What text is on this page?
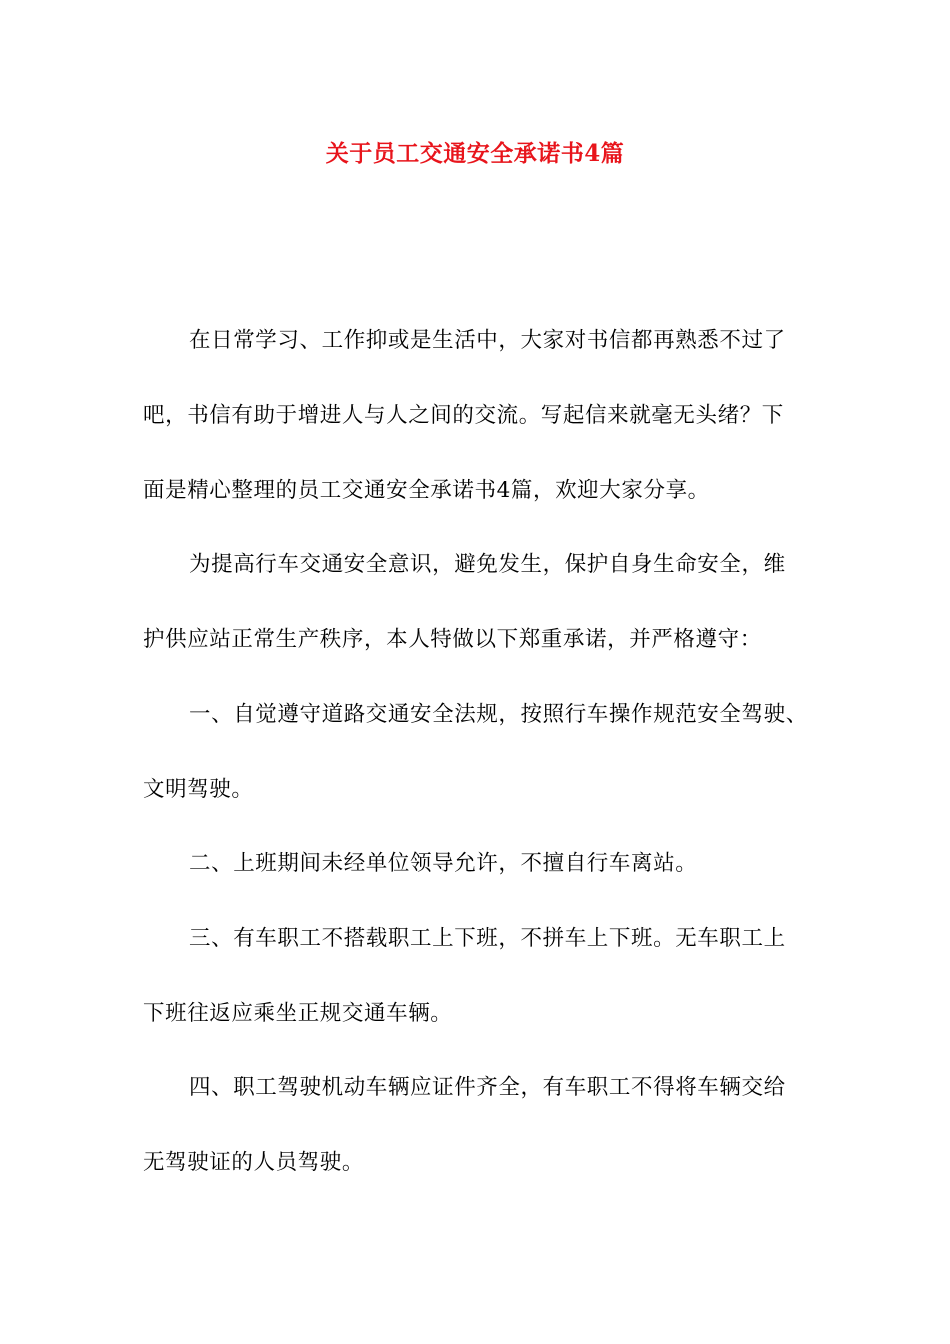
关于员工交通安全承诺书4篇
在日常学习、工作抑或是生活中，大家对书信都再熟悉不过了
吧，书信有助于增进人与人之间的交流。写起信来就毫无头绪？下
面是精心整理的员工交通安全承诺书4篇，欢迎大家分享。
为提高行车交通安全意识，避免发生，保护自身生命安全，维
护供应站正常生产秩序，本人特做以下郑重承诺，并严格遵守：
一、自觉遵守道路交通安全法规，按照行车操作规范安全驾驶、
文明驾驶。
二、上班期间未经单位领导允许，不擅自行车离站。
三、有车职工不搭载职工上下班，不拼车上下班。无车职工上
下班往返应乘坐正规交通车辆。
四、职工驾驶机动车辆应证件齐全，有车职工不得将车辆交给
无驾驶证的人员驾驶。
